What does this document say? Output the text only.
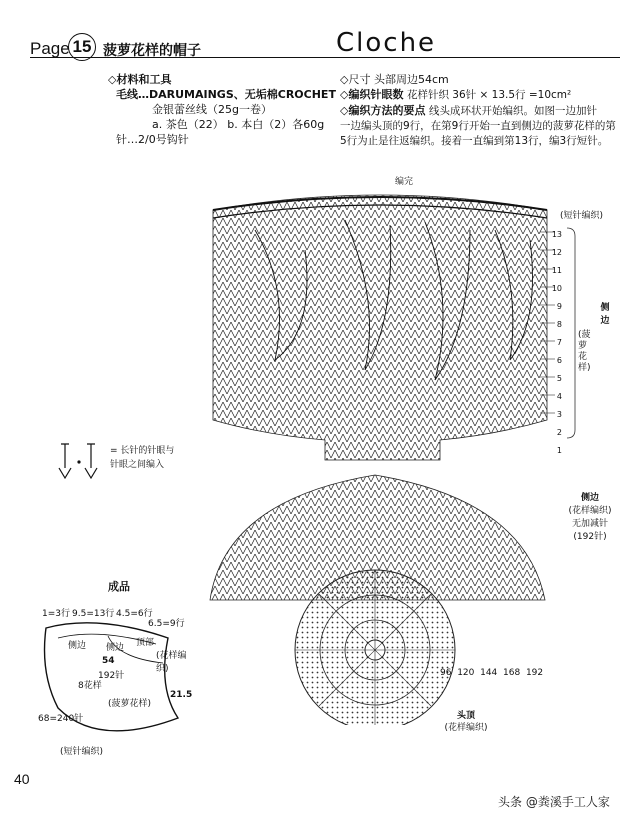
Page 15 菠萝花样的帽子	Cloche
◇材料和工具
毛线…DARUMAINGS、无垢棉CROCHET
金银蕾丝线（25g一卷）
a. 茶色（22） b. 本白（2）各60g
针…2/0号钩针
◇尺寸 头部周边54cm
◇编织针眼数 花样针织 36针 × 13.5行 =10cm²
◇编织方法的要点 线头成环状开始编织。如图一边加针
一边编头顶的9行，在第9行开始一直到侧边的菠萝花样的第
5行为止是往返编织。接着一直编到第13行，编3行短针。
编完
(短针编织)
13
12
11
10
9
8
7
6
5
4
3
2
1
侧
边
(菠萝花样)
侧边
(花样编织)
无加减针
(192针)
96 120 144 168 192
头顶
(花样编织)
= 长针的针眼与
针眼之间编入
成品
1=3行 9.5=13行 4.5=6行
6.5=9行
侧边 侧边 顶部
(花样编织)
54
192针
8花样
21.5
(菠萝花样)
68=240针
(短针编织)
40
头条 @粪溪手工人家
